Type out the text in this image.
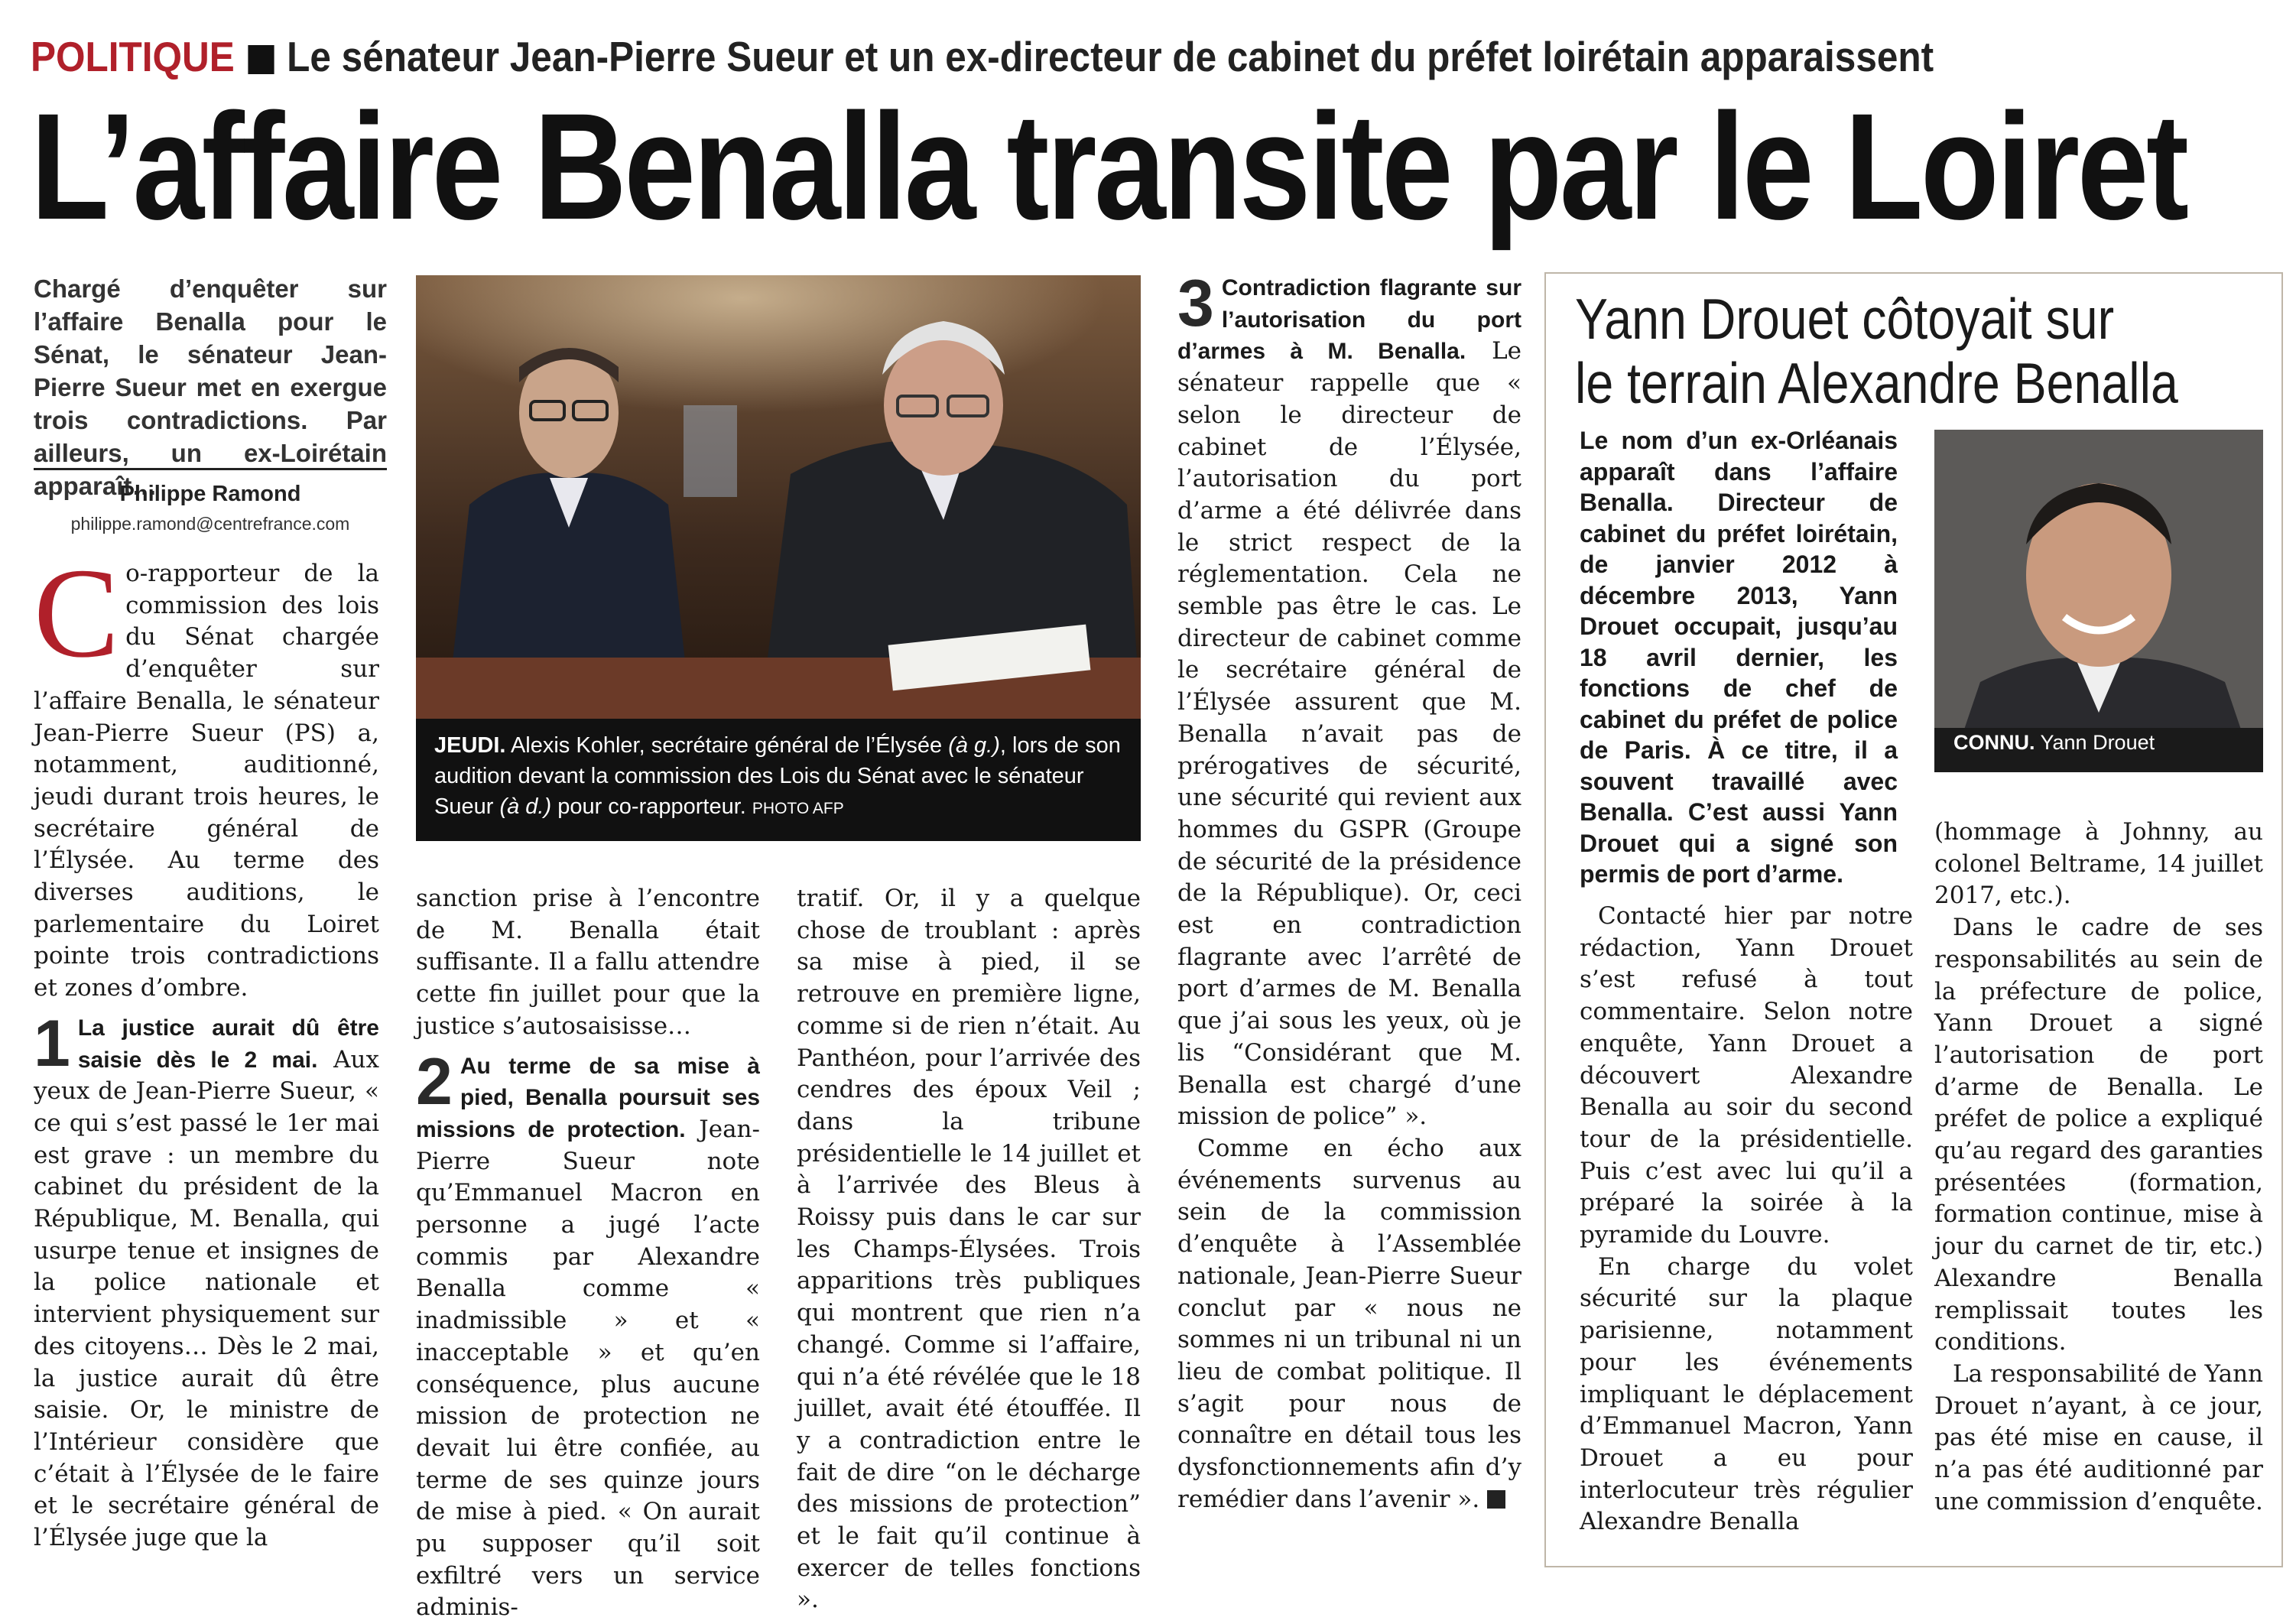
POLITIQUE Le sénateur Jean-Pierre Sueur et un ex-directeur de cabinet du préfet loirétain apparaissent
L’affaire Benalla transite par le Loiret
Chargé d’enquêter sur l’affaire Benalla pour le Sénat, le sénateur Jean-Pierre Sueur met en exergue trois contradictions. Par ailleurs, un ex-Loirétain apparaît…
Philippe Ramond
philippe.ramond@centrefrance.com

Co-rapporteur de la commission des lois du Sénat chargée d’enquêter sur l’affaire Benalla, le sénateur Jean-Pierre Sueur (PS) a, notamment, auditionné, jeudi durant trois heures, le secrétaire général de l’Élysée. Au terme des diverses auditions, le parlementaire du Loiret pointe trois contradictions et zones d’ombre.

1 La justice aurait dû être saisie dès le 2 mai. Aux yeux de Jean-Pierre Sueur, « ce qui s’est passé le 1er mai est grave : un membre du cabinet du président de la République, M. Benalla, qui usurpe tenue et insignes de la police nationale et intervient physiquement sur des citoyens… Dès le 2 mai, la justice aurait dû être saisie. Or, le ministre de l’Intérieur considère que c’était à l’Élysée de le faire et le secrétaire général de l’Élysée juge que la

JEUDI. Alexis Kohler, secrétaire général de l’Élysée (à g.), lors de son audition devant la commission des Lois du Sénat avec le sénateur Sueur (à d.) pour co-rapporteur. PHOTO AFP

sanction prise à l’encontre de M. Benalla était suffisante. Il a fallu attendre cette fin juillet pour que la justice s’autosaisisse…

2 Au terme de sa mise à pied, Benalla poursuit ses missions de protection. Jean-Pierre Sueur note qu’Emmanuel Macron en personne a jugé l’acte commis par Alexandre Benalla comme « inadmissible » et « inacceptable » et qu’en conséquence, plus aucune mission de protection ne devait lui être confiée, au terme de ses quinze jours de mise à pied. « On aurait pu supposer qu’il soit exfiltré vers un service adminis-

tratif. Or, il y a quelque chose de troublant : après sa mise à pied, il se retrouve en première ligne, comme si de rien n’était. Au Panthéon, pour l’arrivée des cendres des époux Veil ; dans la tribune présidentielle le 14 juillet et à l’arrivée des Bleus à Roissy puis dans le car sur les Champs-Élysées. Trois apparitions très publiques qui montrent que rien n’a changé. Comme si l’affaire, qui n’a été révélée que le 18 juillet, avait été étouffée. Il y a contradiction entre le fait de dire “on le décharge des missions de protection” et le fait qu’il continue à exercer de telles fonctions ».

3 Contradiction flagrante sur l’autorisation du port d’armes à M. Benalla. Le sénateur rappelle que « selon le directeur de cabinet de l’Élysée, l’autorisation du port d’arme a été délivrée dans le strict respect de la réglementation. Cela ne semble pas être le cas. Le directeur de cabinet comme le secrétaire général de l’Élysée assurent que M. Benalla n’avait pas de prérogatives de sécurité, une sécurité qui revient aux hommes du GSPR (Groupe de sécurité de la présidence de la République). Or, ceci est en contradiction flagrante avec l’arrêté de port d’armes de M. Benalla que j’ai sous les yeux, où je lis “Considérant que M. Benalla est chargé d’une mission de police” ».

Comme en écho aux événements survenus au sein de la commission d’enquête à l’Assemblée nationale, Jean-Pierre Sueur conclut par « nous ne sommes ni un tribunal ni un lieu de combat politique. Il s’agit pour nous de connaître en détail tous les dysfonctionnements afin d’y remédier dans l’avenir ».

Yann Drouet côtoyait sur
le terrain Alexandre Benalla
Le nom d’un ex-Orléanais apparaît dans l’affaire Benalla. Directeur de cabinet du préfet loirétain, de janvier 2012 à décembre 2013, Yann Drouet occupait, jusqu’au 18 avril dernier, les fonctions de chef de cabinet du préfet de police de Paris. À ce titre, il a souvent travaillé avec Benalla. C’est aussi Yann Drouet qui a signé son permis de port d’arme.
CONNU. Yann Drouet

Contacté hier par notre rédaction, Yann Drouet s’est refusé à tout commentaire. Selon notre enquête, Yann Drouet a découvert Alexandre Benalla au soir du second tour de la présidentielle. Puis c’est avec lui qu’il a préparé la soirée à la pyramide du Louvre.

En charge du volet sécurité sur la plaque parisienne, notamment pour les événements impliquant le déplacement d’Emmanuel Macron, Yann Drouet a eu pour interlocuteur très régulier Alexandre Benalla

(hommage à Johnny, au colonel Beltrame, 14 juillet 2017, etc.).

Dans le cadre de ses responsabilités au sein de la préfecture de police, Yann Drouet a signé l’autorisation de port d’arme de Benalla. Le préfet de police a expliqué qu’au regard des garanties présentées (formation, formation continue, mise à jour du carnet de tir, etc.) Alexandre Benalla remplissait toutes les conditions.

La responsabilité de Yann Drouet n’ayant, à ce jour, pas été mise en cause, il n’a pas été auditionné par une commission d’enquête.
